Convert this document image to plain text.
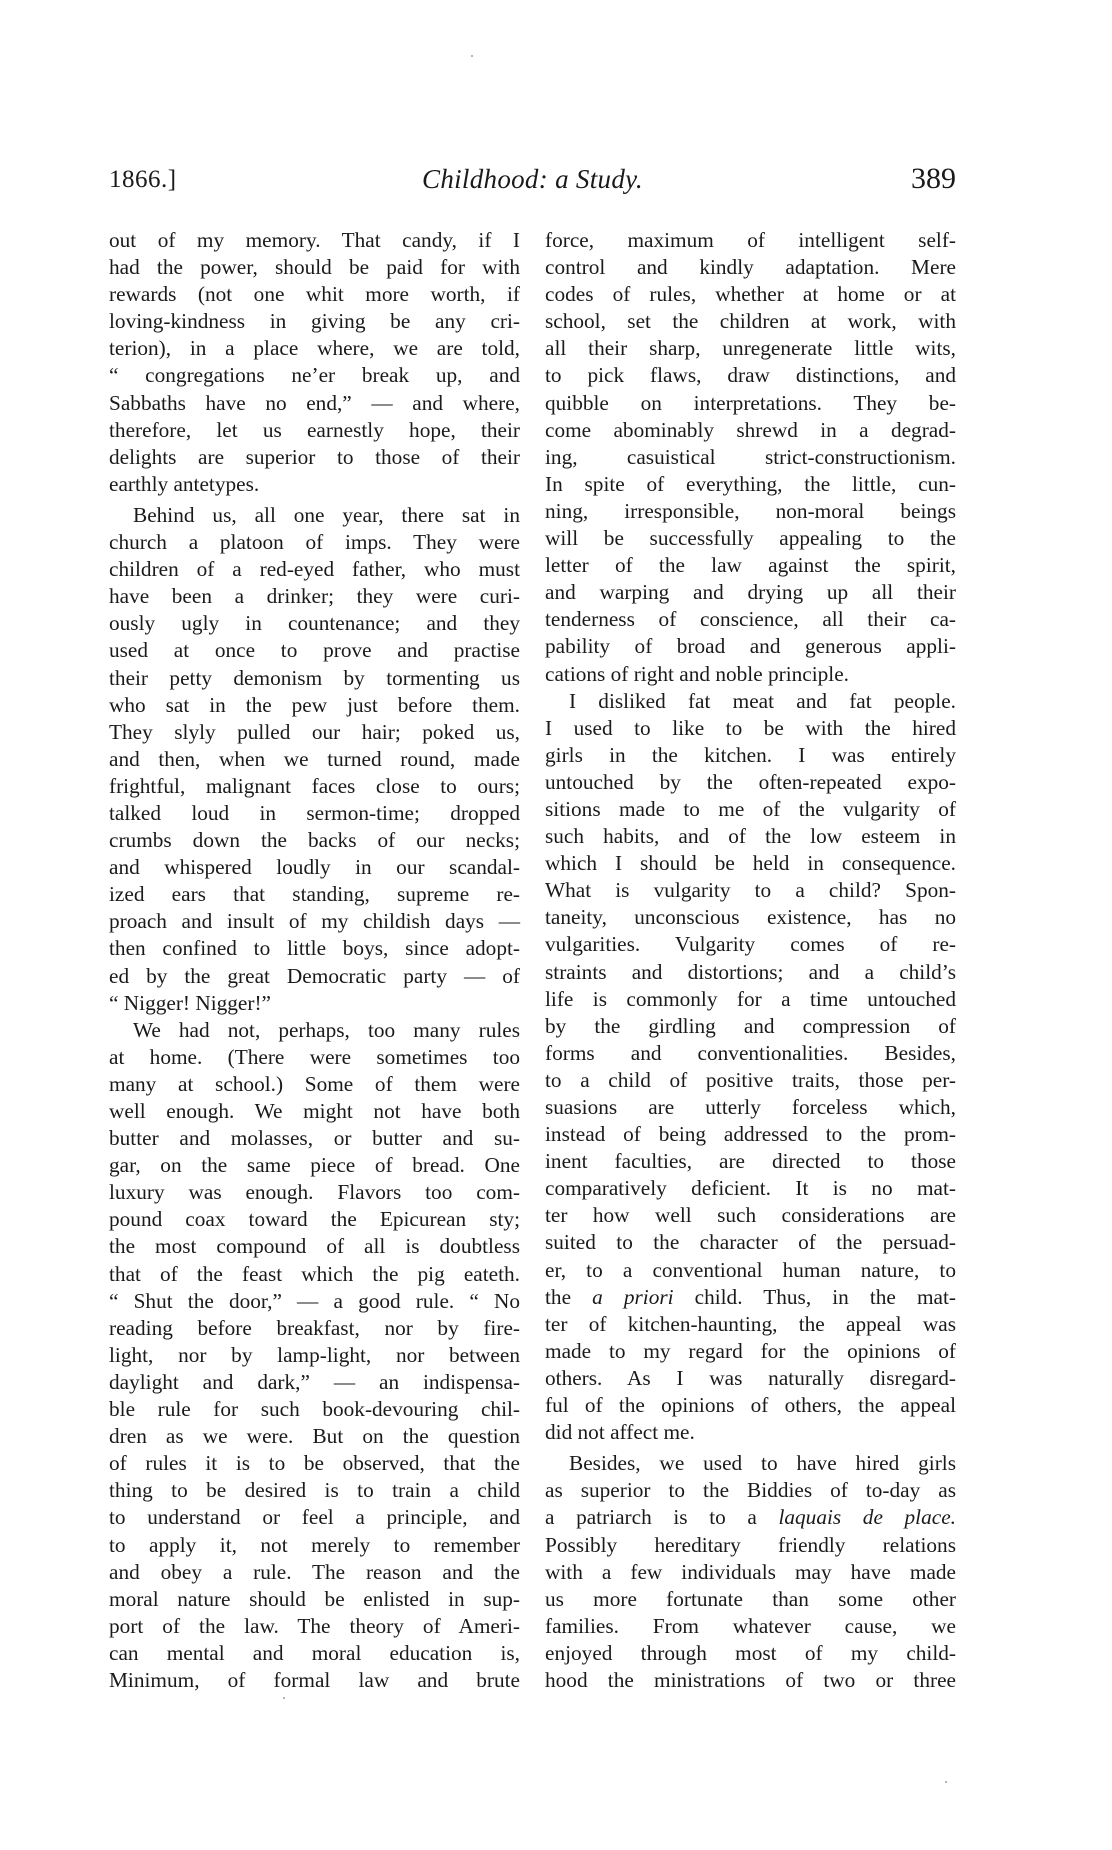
1866.]	Childhood: a Study.	389
out of my memory. That candy, if I
had the power, should be paid for with
rewards (not one whit more worth, if
loving-kindness in giving be any cri-
terion), in a place where, we are told,
“ congregations ne’er break up, and
Sabbaths have no end,” — and where,
therefore, let us earnestly hope, their
delights are superior to those of their
earthly antetypes.
Behind us, all one year, there sat in
church a platoon of imps. They were
children of a red-eyed father, who must
have been a drinker; they were curi-
ously ugly in countenance; and they
used at once to prove and practise
their petty demonism by tormenting us
who sat in the pew just before them.
They slyly pulled our hair; poked us,
and then, when we turned round, made
frightful, malignant faces close to ours;
talked loud in sermon-time; dropped
crumbs down the backs of our necks;
and whispered loudly in our scandal-
ized ears that standing, supreme re-
proach and insult of my childish days —
then confined to little boys, since adopt-
ed by the great Democratic party — of
“ Nigger! Nigger!”
We had not, perhaps, too many rules
at home. (There were sometimes too
many at school.) Some of them were
well enough. We might not have both
butter and molasses, or butter and su-
gar, on the same piece of bread. One
luxury was enough. Flavors too com-
pound coax toward the Epicurean sty;
the most compound of all is doubtless
that of the feast which the pig eateth.
“ Shut the door,” — a good rule. “ No
reading before breakfast, nor by fire-
light, nor by lamp-light, nor between
daylight and dark,” — an indispensa-
ble rule for such book-devouring chil-
dren as we were. But on the question
of rules it is to be observed, that the
thing to be desired is to train a child
to understand or feel a principle, and
to apply it, not merely to remember
and obey a rule. The reason and the
moral nature should be enlisted in sup-
port of the law. The theory of Ameri-
can mental and moral education is,
Minimum, of formal law and brute
force, maximum of intelligent self-
control and kindly adaptation. Mere
codes of rules, whether at home or at
school, set the children at work, with
all their sharp, unregenerate little wits,
to pick flaws, draw distinctions, and
quibble on interpretations. They be-
come abominably shrewd in a degrad-
ing, casuistical strict-constructionism.
In spite of everything, the little, cun-
ning, irresponsible, non-moral beings
will be successfully appealing to the
letter of the law against the spirit,
and warping and drying up all their
tenderness of conscience, all their ca-
pability of broad and generous appli-
cations of right and noble principle.
I disliked fat meat and fat people.
I used to like to be with the hired
girls in the kitchen. I was entirely
untouched by the often-repeated expo-
sitions made to me of the vulgarity of
such habits, and of the low esteem in
which I should be held in consequence.
What is vulgarity to a child? Spon-
taneity, unconscious existence, has no
vulgarities. Vulgarity comes of re-
straints and distortions; and a child’s
life is commonly for a time untouched
by the girdling and compression of
forms and conventionalities. Besides,
to a child of positive traits, those per-
suasions are utterly forceless which,
instead of being addressed to the prom-
inent faculties, are directed to those
comparatively deficient. It is no mat-
ter how well such considerations are
suited to the character of the persuad-
er, to a conventional human nature, to
the a priori child. Thus, in the mat-
ter of kitchen-haunting, the appeal was
made to my regard for the opinions of
others. As I was naturally disregard-
ful of the opinions of others, the appeal
did not affect me.
Besides, we used to have hired girls
as superior to the Biddies of to-day as
a patriarch is to a laquais de place.
Possibly hereditary friendly relations
with a few individuals may have made
us more fortunate than some other
families. From whatever cause, we
enjoyed through most of my child-
hood the ministrations of two or three
